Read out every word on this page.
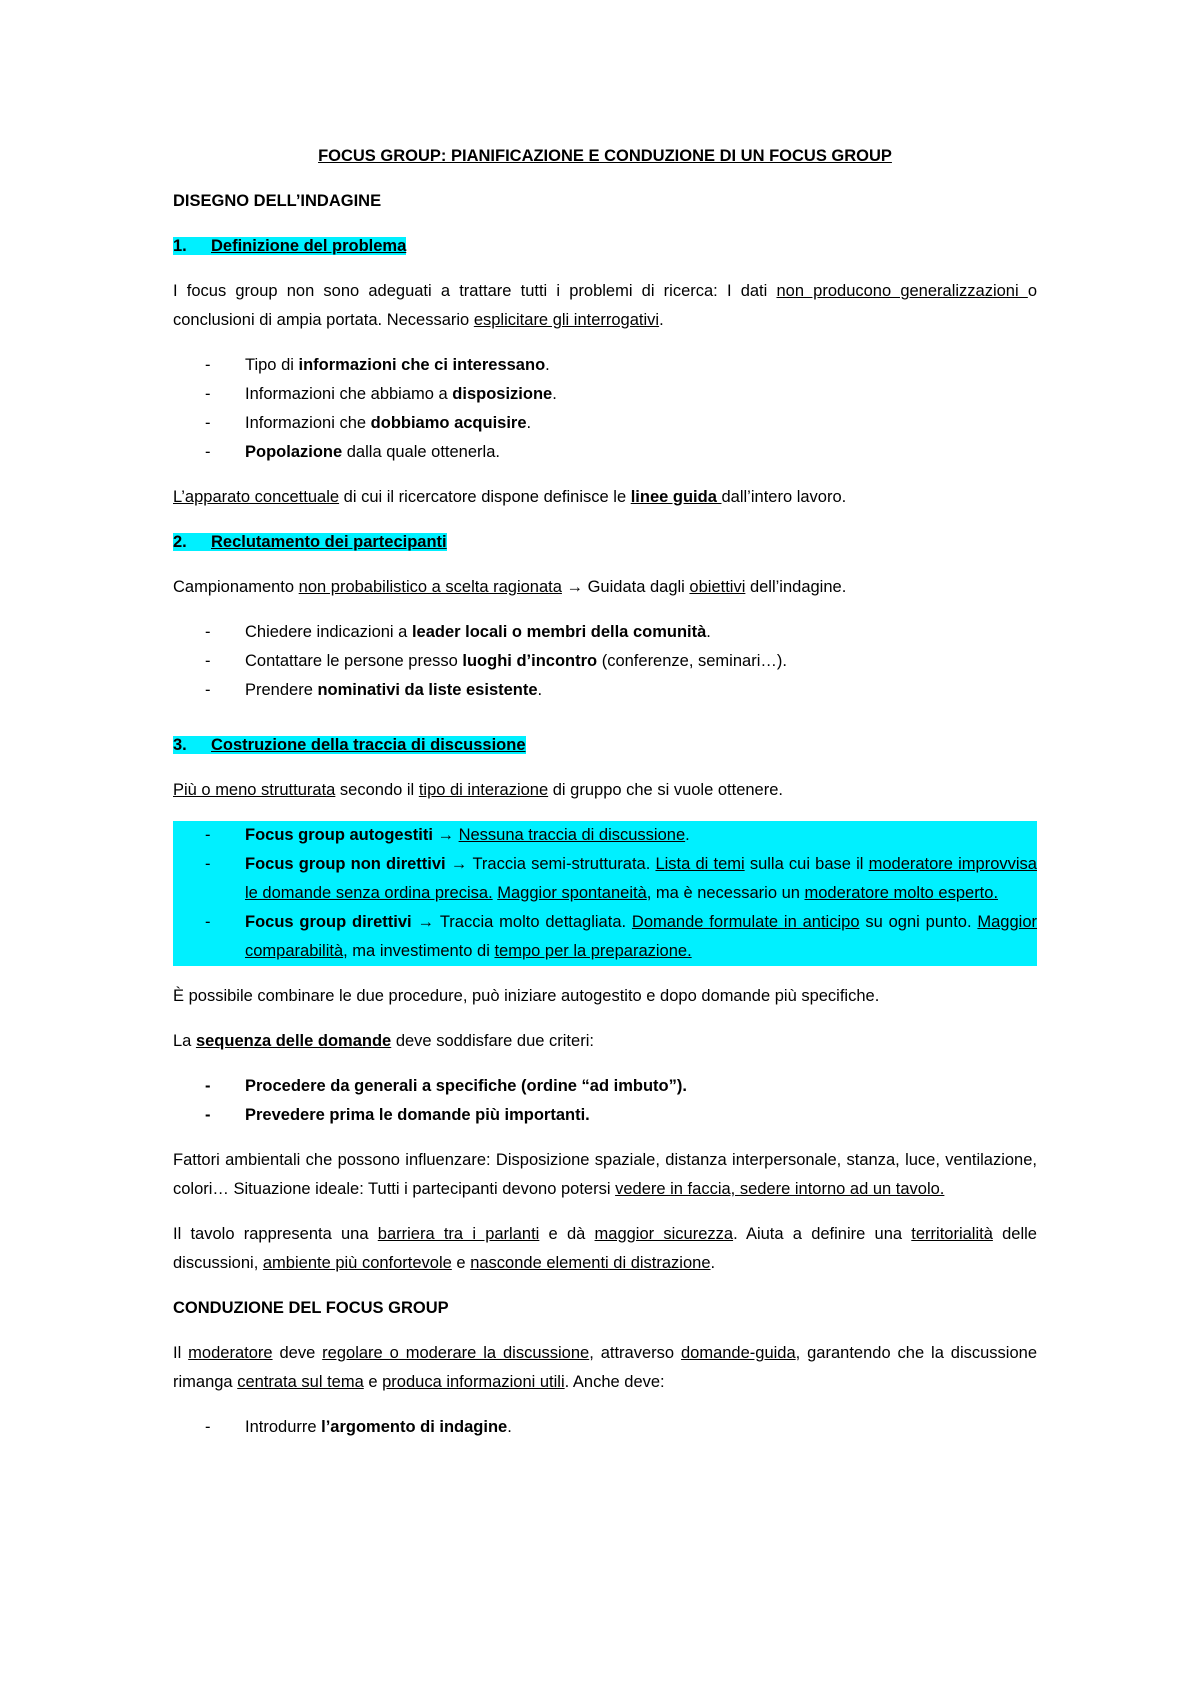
FOCUS GROUP: PIANIFICAZIONE E CONDUZIONE DI UN FOCUS GROUP

DISEGNO DELL’INDAGINE

1. Definizione del problema

I focus group non sono adeguati a trattare tutti i problemi di ricerca: I dati non producono generalizzazioni o conclusioni di ampia portata. Necessario esplicitare gli interrogativi.

- Tipo di informazioni che ci interessano.
- Informazioni che abbiamo a disposizione.
- Informazioni che dobbiamo acquisire.
- Popolazione dalla quale ottenerla.

L’apparato concettuale di cui il ricercatore dispone definisce le linee guida dall’intero lavoro.

2. Reclutamento dei partecipanti

Campionamento non probabilistico a scelta ragionata → Guidata dagli obiettivi dell’indagine.

- Chiedere indicazioni a leader locali o membri della comunità.
- Contattare le persone presso luoghi d’incontro (conferenze, seminari…).
- Prendere nominativi da liste esistente.

3. Costruzione della traccia di discussione

Più o meno strutturata secondo il tipo di interazione di gruppo che si vuole ottenere.

- Focus group autogestiti → Nessuna traccia di discussione.
- Focus group non direttivi → Traccia semi-strutturata. Lista di temi sulla cui base il moderatore improvvisa le domande senza ordina precisa. Maggior spontaneità, ma è necessario un moderatore molto esperto.
- Focus group direttivi → Traccia molto dettagliata. Domande formulate in anticipo su ogni punto. Maggior comparabilità, ma investimento di tempo per la preparazione.

È possibile combinare le due procedure, può iniziare autogestito e dopo domande più specifiche.

La sequenza delle domande deve soddisfare due criteri:

- Procedere da generali a specifiche (ordine “ad imbuto”).
- Prevedere prima le domande più importanti.

Fattori ambientali che possono influenzare: Disposizione spaziale, distanza interpersonale, stanza, luce, ventilazione, colori… Situazione ideale: Tutti i partecipanti devono potersi vedere in faccia, sedere intorno ad un tavolo.

Il tavolo rappresenta una barriera tra i parlanti e dà maggior sicurezza. Aiuta a definire una territorialità delle discussioni, ambiente più confortevole e nasconde elementi di distrazione.

CONDUZIONE DEL FOCUS GROUP

Il moderatore deve regolare o moderare la discussione, attraverso domande-guida, garantendo che la discussione rimanga centrata sul tema e produca informazioni utili. Anche deve:

- Introdurre l’argomento di indagine.
